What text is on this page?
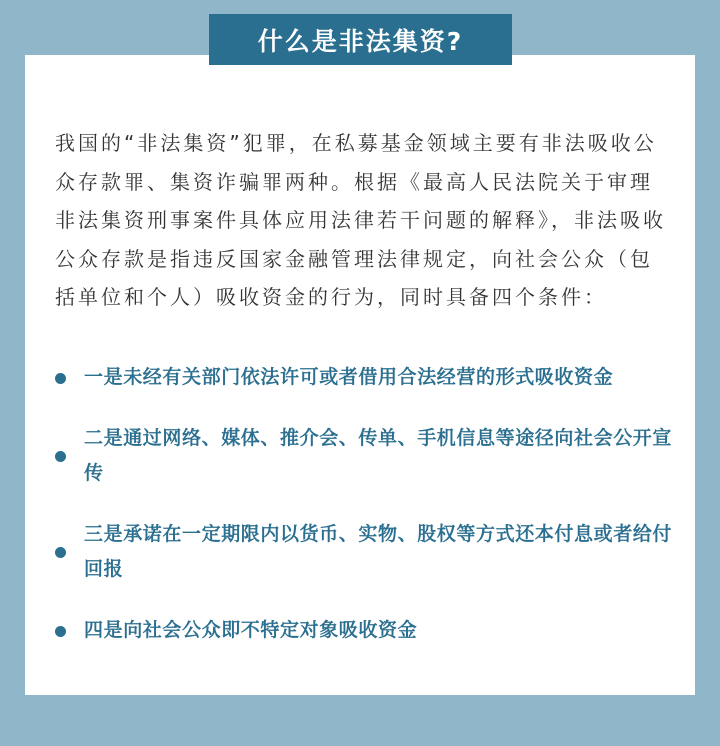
什么是非法集资?

我国的“非法集资”犯罪，在私募基金领域主要有非法吸收公众存款罪、集资诈骗罪两种。根据《最高人民法院关于审理非法集资刑事案件具体应用法律若干问题的解释》，非法吸收公众存款是指违反国家金融管理法律规定，向社会公众（包括单位和个人）吸收资金的行为，同时具备四个条件：

一是未经有关部门依法许可或者借用合法经营的形式吸收资金
二是通过网络、媒体、推介会、传单、手机信息等途径向社会公开宣传
三是承诺在一定期限内以货币、实物、股权等方式还本付息或者给付回报
四是向社会公众即不特定对象吸收资金
